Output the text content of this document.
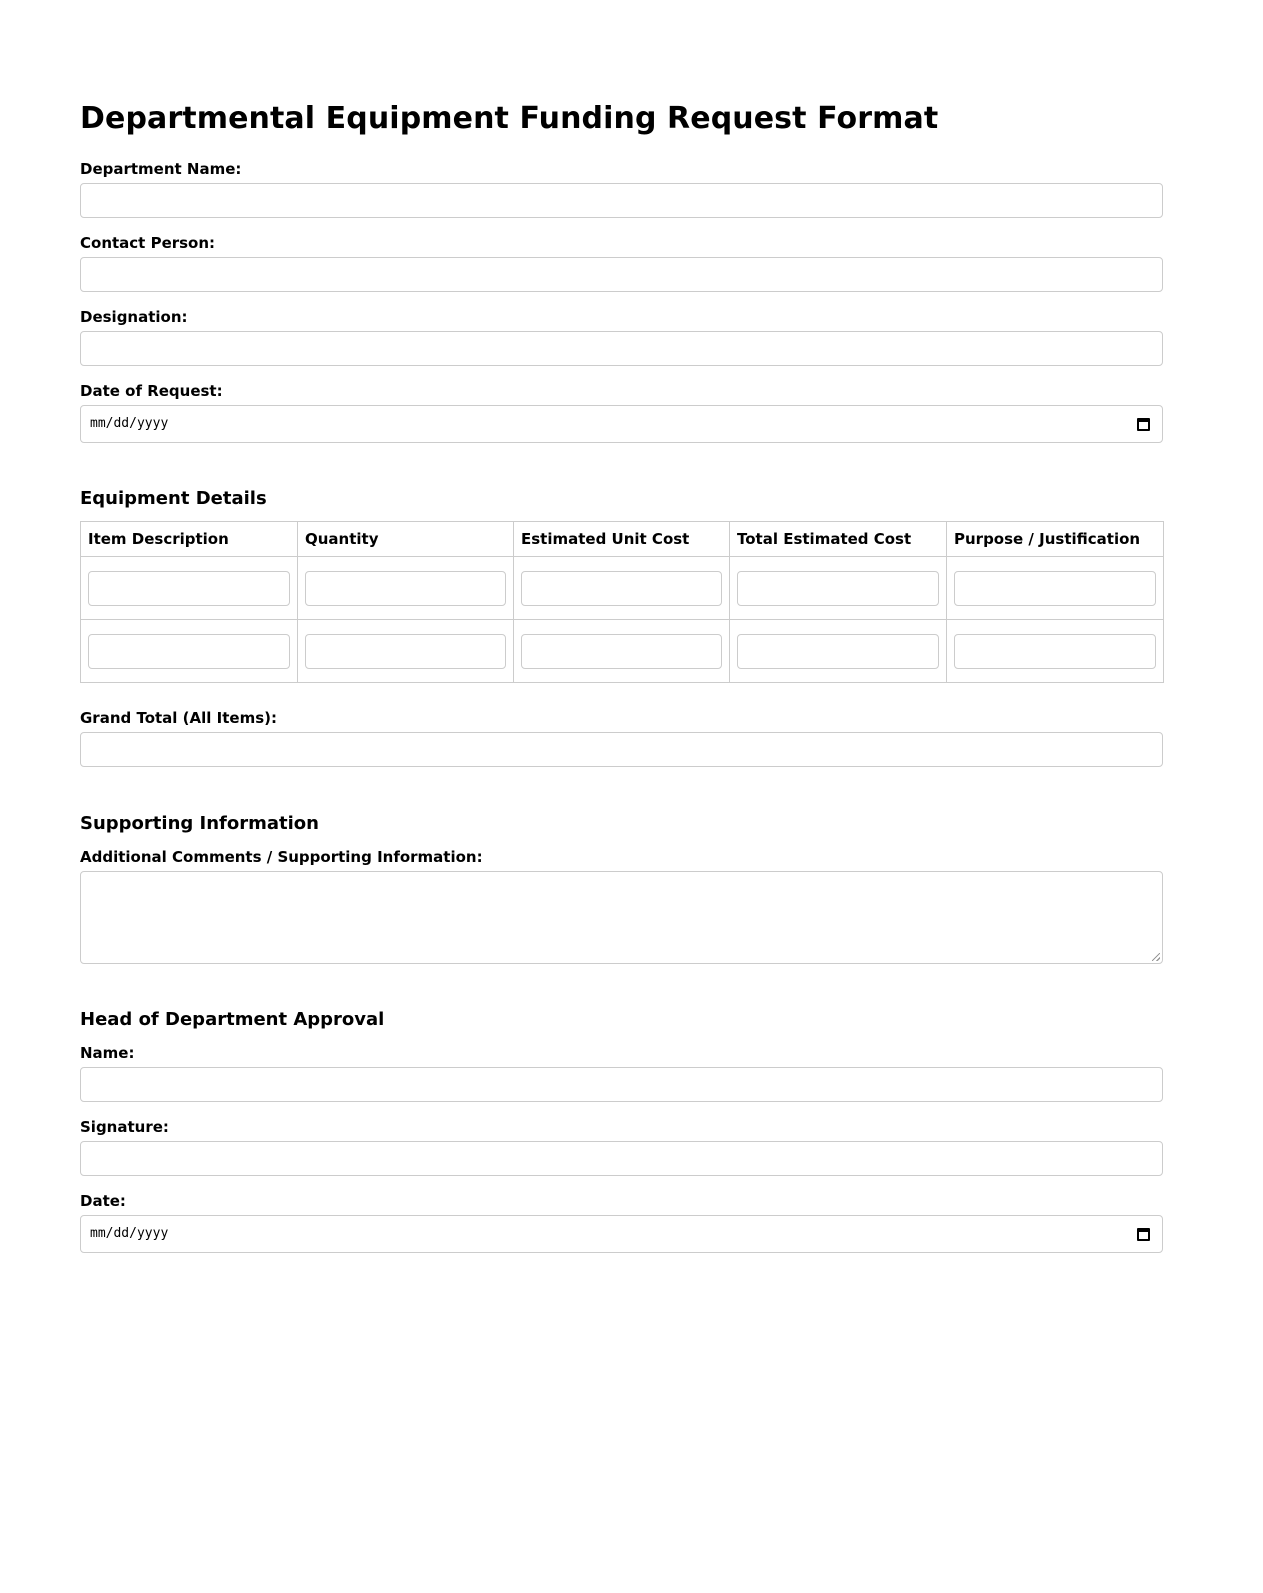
Departmental Equipment Funding Request Format
Department Name:
Contact Person:
Designation:
Date of Request:
mm/dd/yyyy
Equipment Details
Item Description	Quantity	Estimated Unit Cost	Total Estimated Cost	Purpose / Justification

Grand Total (All Items):
Supporting Information
Additional Comments / Supporting Information:
Head of Department Approval
Name:
Signature:
Date:
mm/dd/yyyy
